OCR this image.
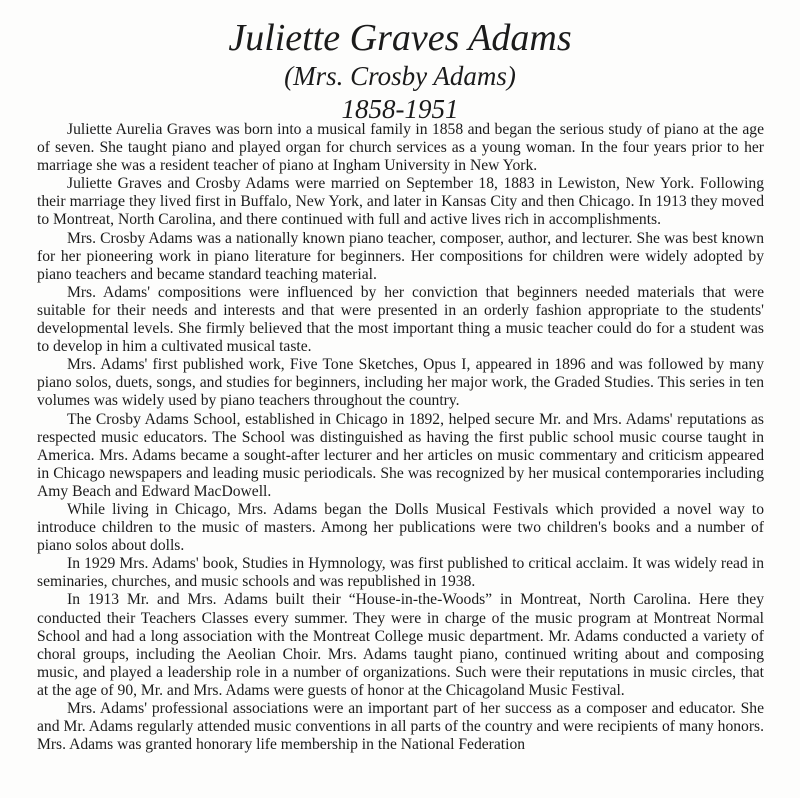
Juliette Graves Adams
(Mrs. Crosby Adams)
1858-1951

Juliette Aurelia Graves was born into a musical family in 1858 and began the serious study of piano at the age of seven. She taught piano and played organ for church services as a young woman. In the four years prior to her marriage she was a resident teacher of piano at Ingham University in New York.

Juliette Graves and Crosby Adams were married on September 18, 1883 in Lewiston, New York. Following their marriage they lived first in Buffalo, New York, and later in Kansas City and then Chicago. In 1913 they moved to Montreat, North Carolina, and there continued with full and active lives rich in accomplishments.

Mrs. Crosby Adams was a nationally known piano teacher, composer, author, and lecturer. She was best known for her pioneering work in piano literature for beginners. Her compositions for children were widely adopted by piano teachers and became standard teaching material.

Mrs. Adams' compositions were influenced by her conviction that beginners needed materials that were suitable for their needs and interests and that were presented in an orderly fashion appropriate to the students' developmental levels. She firmly believed that the most important thing a music teacher could do for a student was to develop in him a cultivated musical taste.

Mrs. Adams' first published work, Five Tone Sketches, Opus I, appeared in 1896 and was followed by many piano solos, duets, songs, and studies for beginners, including her major work, the Graded Studies. This series in ten volumes was widely used by piano teachers throughout the country.

The Crosby Adams School, established in Chicago in 1892, helped secure Mr. and Mrs. Adams' reputations as respected music educators. The School was distinguished as having the first public school music course taught in America. Mrs. Adams became a sought-after lecturer and her articles on music commentary and criticism appeared in Chicago newspapers and leading music periodicals. She was recognized by her musical contemporaries including Amy Beach and Edward MacDowell.

While living in Chicago, Mrs. Adams began the Dolls Musical Festivals which provided a novel way to introduce children to the music of masters. Among her publications were two children's books and a number of piano solos about dolls.

In 1929 Mrs. Adams' book, Studies in Hymnology, was first published to critical acclaim. It was widely read in seminaries, churches, and music schools and was republished in 1938.

In 1913 Mr. and Mrs. Adams built their “House-in-the-Woods” in Montreat, North Carolina. Here they conducted their Teachers Classes every summer. They were in charge of the music program at Montreat Normal School and had a long association with the Montreat College music department. Mr. Adams conducted a variety of choral groups, including the Aeolian Choir. Mrs. Adams taught piano, continued writing about and composing music, and played a leadership role in a number of organizations. Such were their reputations in music circles, that at the age of 90, Mr. and Mrs. Adams were guests of honor at the Chicagoland Music Festival.

Mrs. Adams' professional associations were an important part of her success as a composer and educator. She and Mr. Adams regularly attended music conventions in all parts of the country and were recipients of many honors. Mrs. Adams was granted honorary life membership in the National Federation
